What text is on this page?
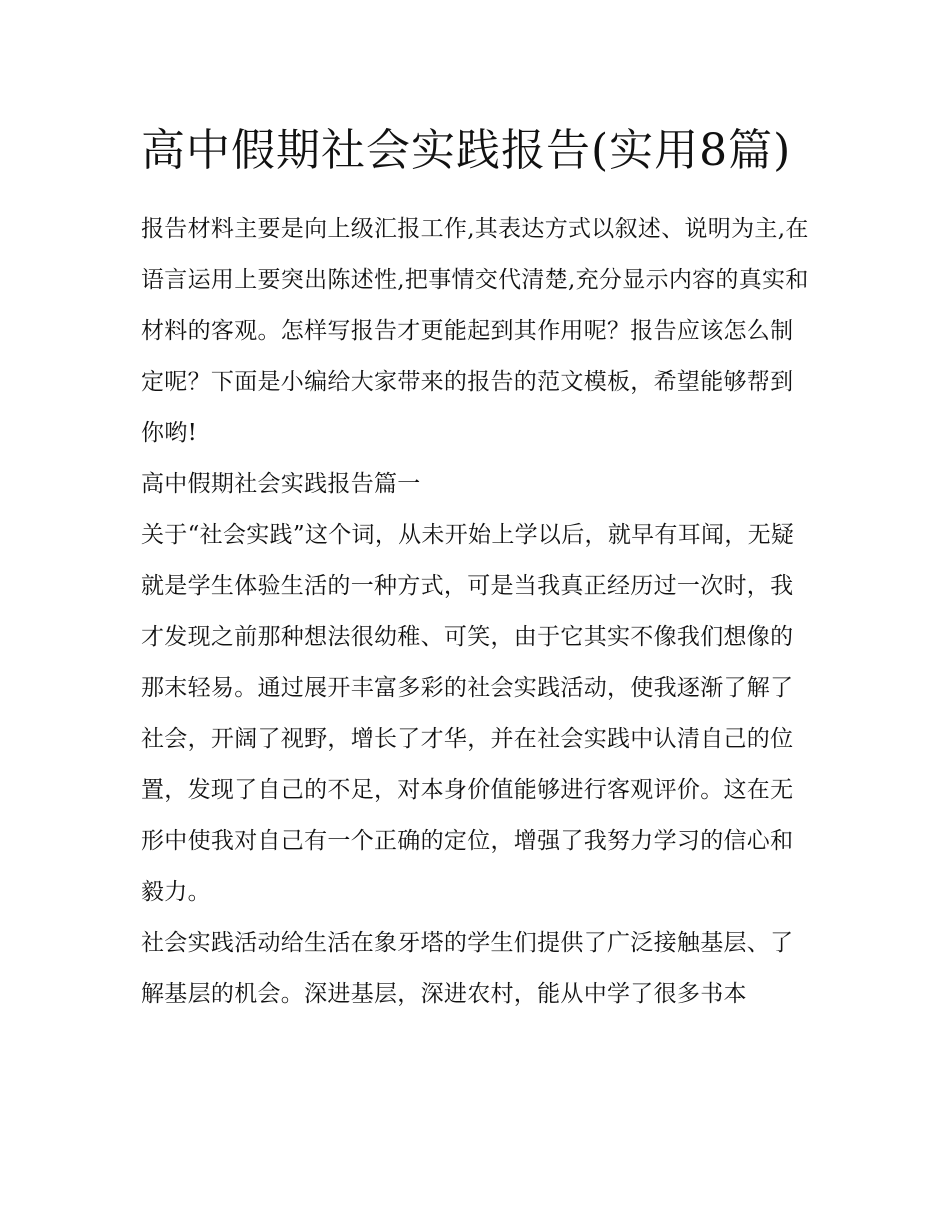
高中假期社会实践报告(实用8篇)

报告材料主要是向上级汇报工作,其表达方式以叙述、说明为主,在语言运用上要突出陈述性,把事情交代清楚,充分显示内容的真实和材料的客观。怎样写报告才更能起到其作用呢？报告应该怎么制定呢？下面是小编给大家带来的报告的范文模板，希望能够帮到你哟!

高中假期社会实践报告篇一

关于“社会实践”这个词，从未开始上学以后，就早有耳闻，无疑就是学生体验生活的一种方式，可是当我真正经历过一次时，我才发现之前那种想法很幼稚、可笑，由于它其实不像我们想像的那末轻易。通过展开丰富多彩的社会实践活动，使我逐渐了解了社会，开阔了视野，增长了才华，并在社会实践中认清自己的位置，发现了自己的不足，对本身价值能够进行客观评价。这在无形中使我对自己有一个正确的定位，增强了我努力学习的信心和毅力。

社会实践活动给生活在象牙塔的学生们提供了广泛接触基层、了解基层的机会。深进基层，深进农村，能从中学了很多书本
